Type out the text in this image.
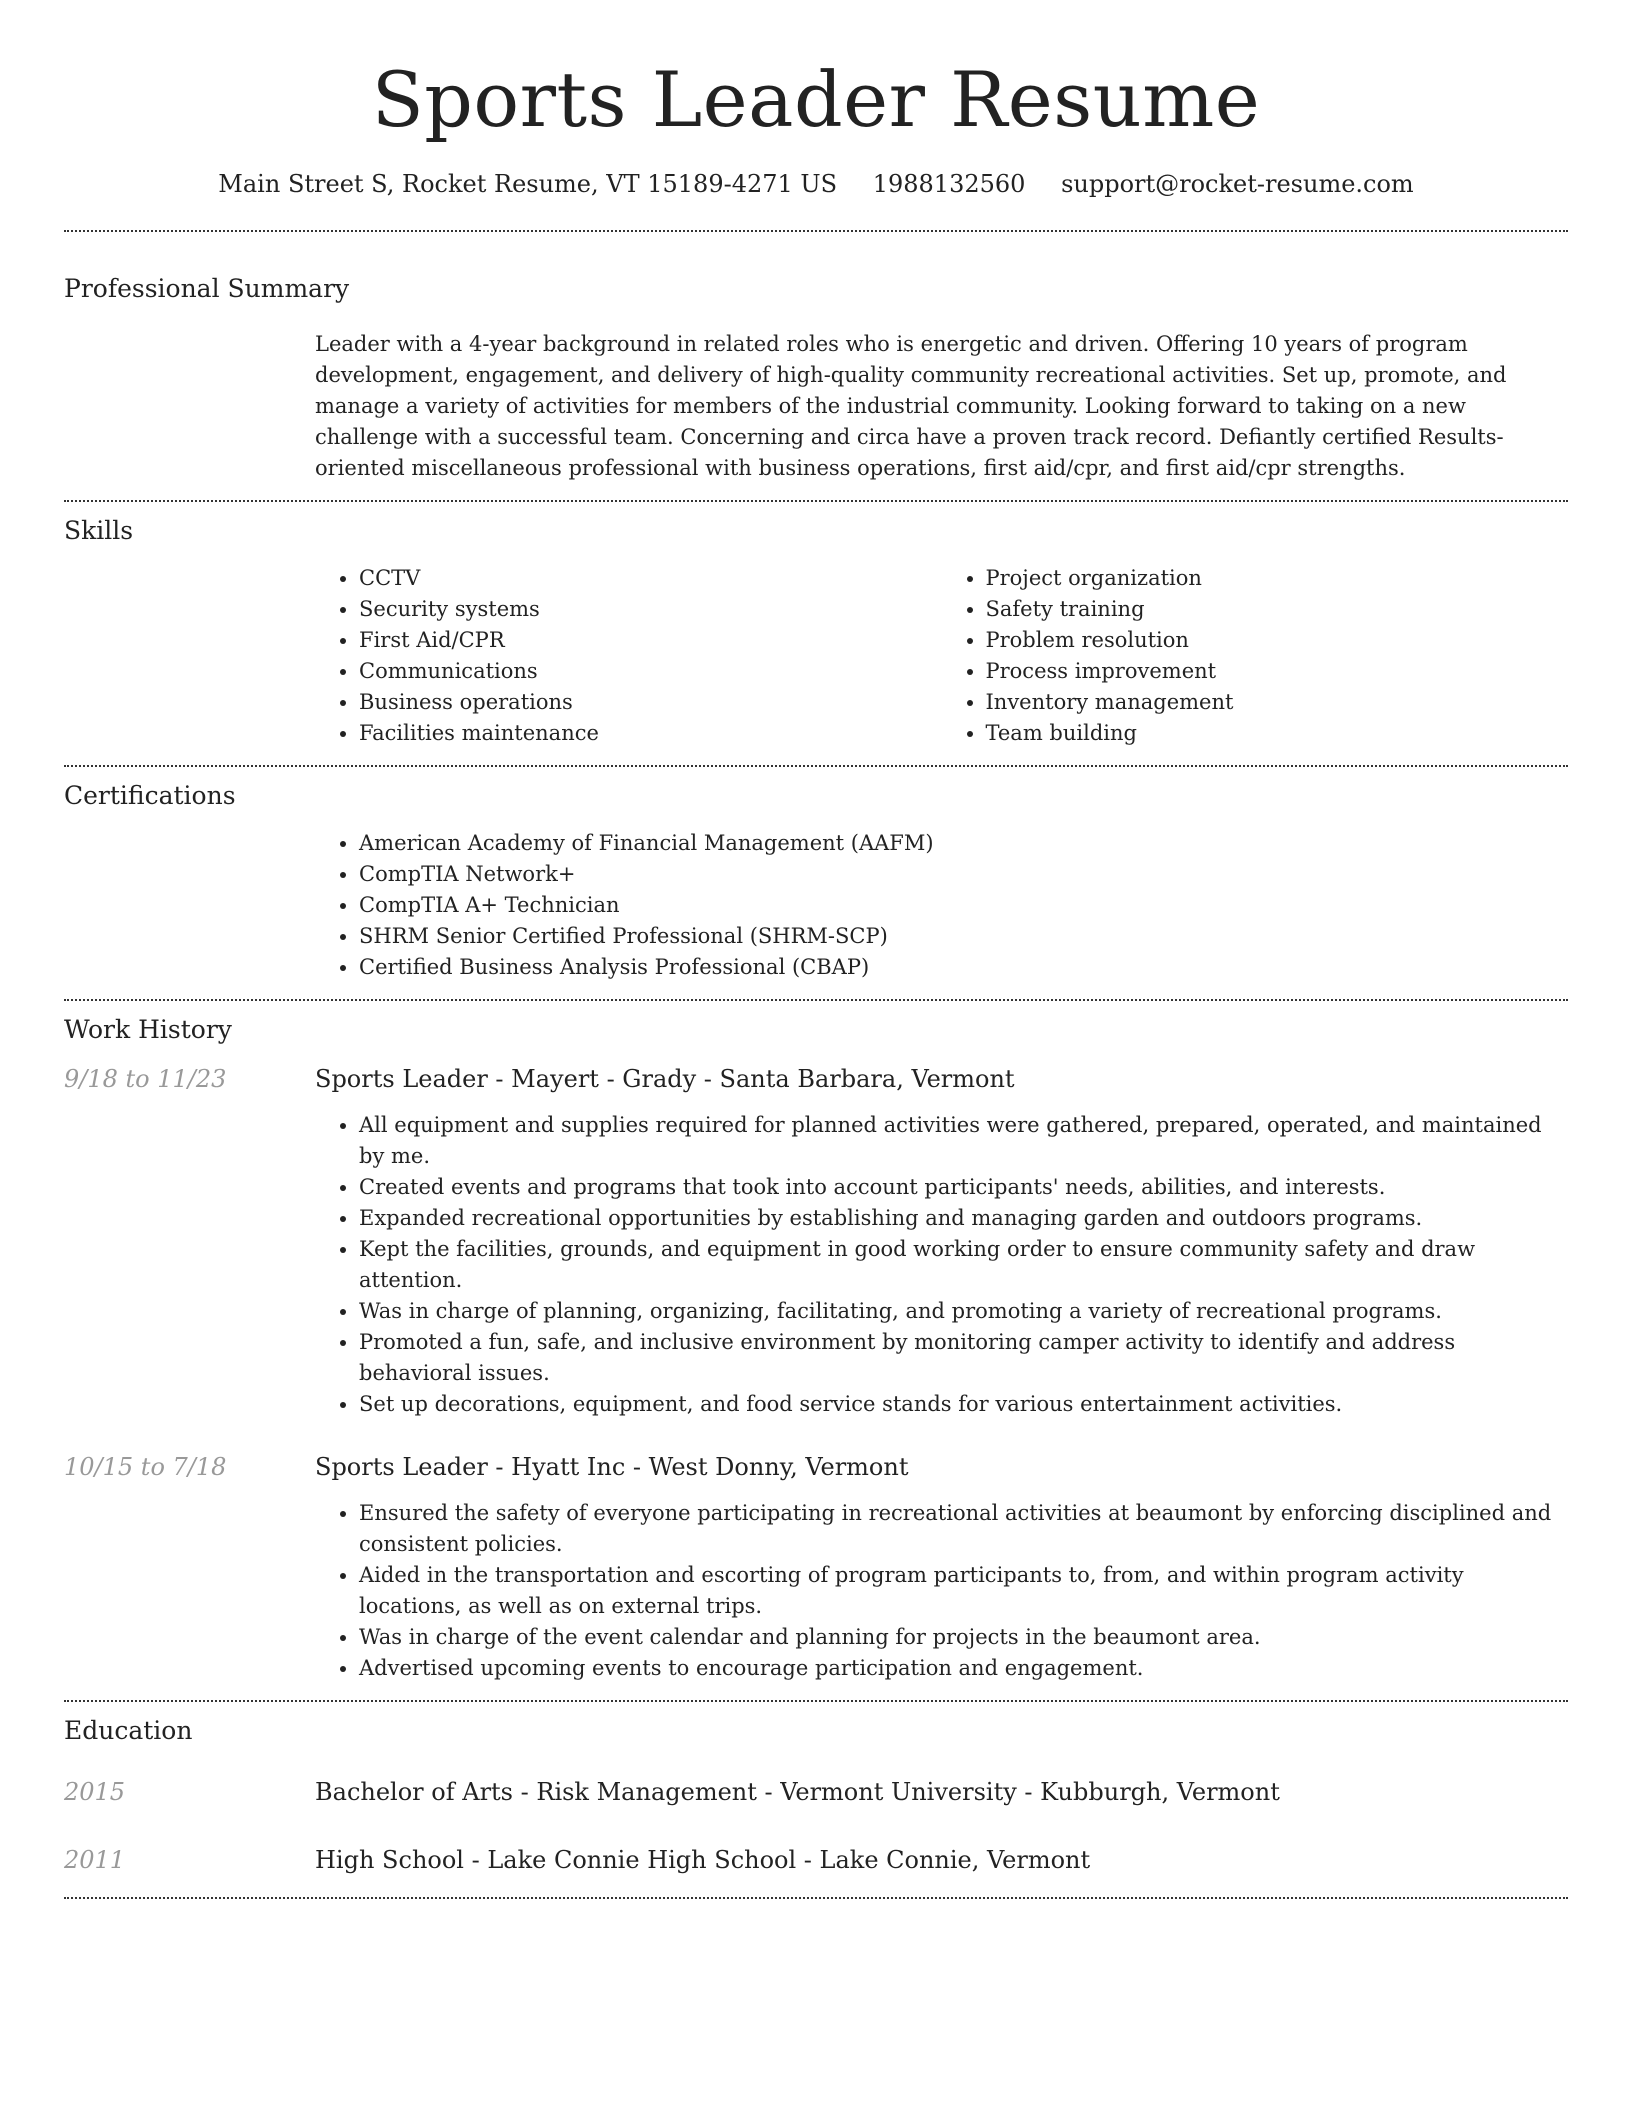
Sports Leader Resume
Main Street S, Rocket Resume, VT 15189-4271 US 1988132560 support@rocket-resume.com
Professional Summary

Leader with a 4-year background in related roles who is energetic and driven. Offering 10 years of program development, engagement, and delivery of high-quality community recreational activities. Set up, promote, and manage a variety of activities for members of the industrial community. Looking forward to taking on a new challenge with a successful team. Concerning and circa have a proven track record. Defiantly certified Results-oriented miscellaneous professional with business operations, first aid/cpr, and first aid/cpr strengths.

Skills
• CCTV
• Security systems
• First Aid/CPR
• Communications
• Business operations
• Facilities maintenance
• Project organization
• Safety training
• Problem resolution
• Process improvement
• Inventory management
• Team building
Certifications
• American Academy of Financial Management (AAFM)
• CompTIA Network+
• CompTIA A+ Technician
• SHRM Senior Certified Professional (SHRM-SCP)
• Certified Business Analysis Professional (CBAP)
Work History
9/18 to 11/23	Sports Leader - Mayert - Grady - Santa Barbara, Vermont
• All equipment and supplies required for planned activities were gathered, prepared, operated, and maintained by me.
• Created events and programs that took into account participants' needs, abilities, and interests.
• Expanded recreational opportunities by establishing and managing garden and outdoors programs.
• Kept the facilities, grounds, and equipment in good working order to ensure community safety and draw attention.
• Was in charge of planning, organizing, facilitating, and promoting a variety of recreational programs.
• Promoted a fun, safe, and inclusive environment by monitoring camper activity to identify and address behavioral issues.
• Set up decorations, equipment, and food service stands for various entertainment activities.
10/15 to 7/18	Sports Leader - Hyatt Inc - West Donny, Vermont
• Ensured the safety of everyone participating in recreational activities at beaumont by enforcing disciplined and consistent policies.
• Aided in the transportation and escorting of program participants to, from, and within program activity locations, as well as on external trips.
• Was in charge of the event calendar and planning for projects in the beaumont area.
• Advertised upcoming events to encourage participation and engagement.
Education
2015	Bachelor of Arts - Risk Management - Vermont University - Kubburgh, Vermont
2011	High School - Lake Connie High School - Lake Connie, Vermont
